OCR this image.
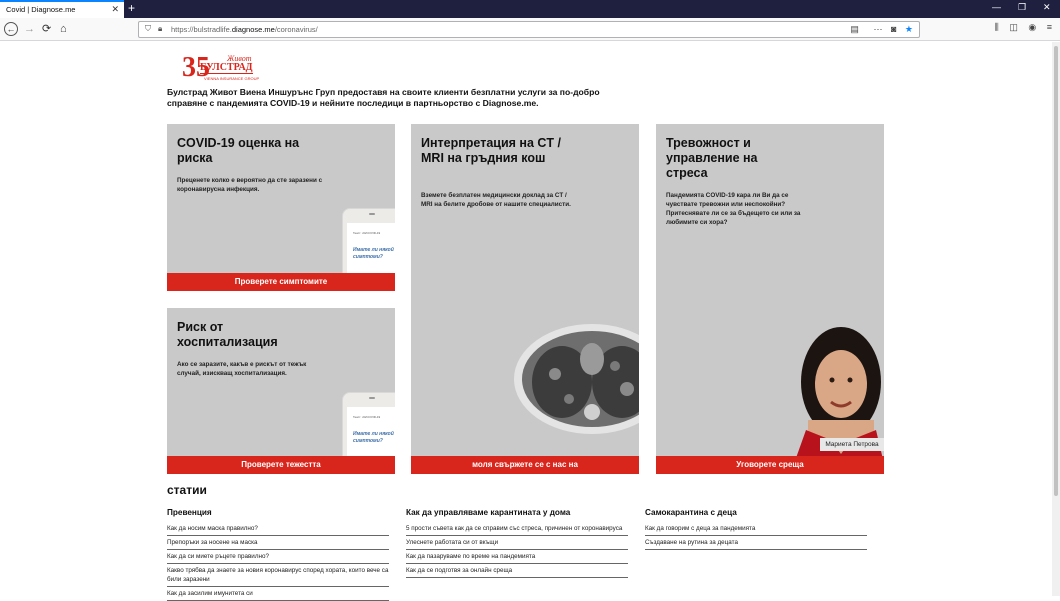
Covid | Diagnose.me	✕ +	— ❐ ✕
← → ⟳ ⌂	⛉ 🔒︎ https://bulstradlife.diagnose.me/coronavirus/	▤ ⋯ ◙ ★	⫼ ◫ ◉ ≡
35 Живот
БУЛСТРАД
VIENNA INSURANCE GROUP
Булстрад Живот Виена Иншурънс Груп предоставя на своите клиенти безплатни услуги за по-добро справяне с пандемията COVID-19 и нейните последици в партньорство с Diagnose.me.
COVID-19 оценка на риска
Преценете колко е вероятно да сте заразени с коронавирусна инфекция.
Текст: 24/COVID-19
Имате ли някой симптоми?
Проверете симптомите
Риск от хоспитализация
Ако се заразите, какъв е рискът от тежък случай, изискващ хоспитализация.
Текст: 24/COVID-19
Имате ли някой симптоми?
Проверете тежестта
Интерпретация на CT / MRI на гръдния кош
Вземете безплатен медицински доклад за CT / MRI на белите дробове от нашите специалисти.
моля свържете се с нас на
Тревожност и управление на стреса
Пандемията COVID-19 кара ли Ви да се чувствате тревожни или неспокойни? Притеснявате ли се за бъдещето си или за любимите си хора?
Мариета Петрова
Уговорете среща
статии
Превенция
Как да носим маска правилно?
Препоръки за носене на маска
Как да си миете ръцете правилно?
Какво трябва да знаете за новия коронавирус според хората, които вече са били заразени
Как да засилим имунитета си
Как да управляваме карантината у дома
5 прости съвета как да се справим със стреса, причинен от коронавируса
Улеснете работата си от вкъщи
Как да пазаруваме по време на пандемията
Как да се подготвя за онлайн среща
Самокарантина с деца
Как да говорим с деца за пандемията
Създаване на рутина за децата
